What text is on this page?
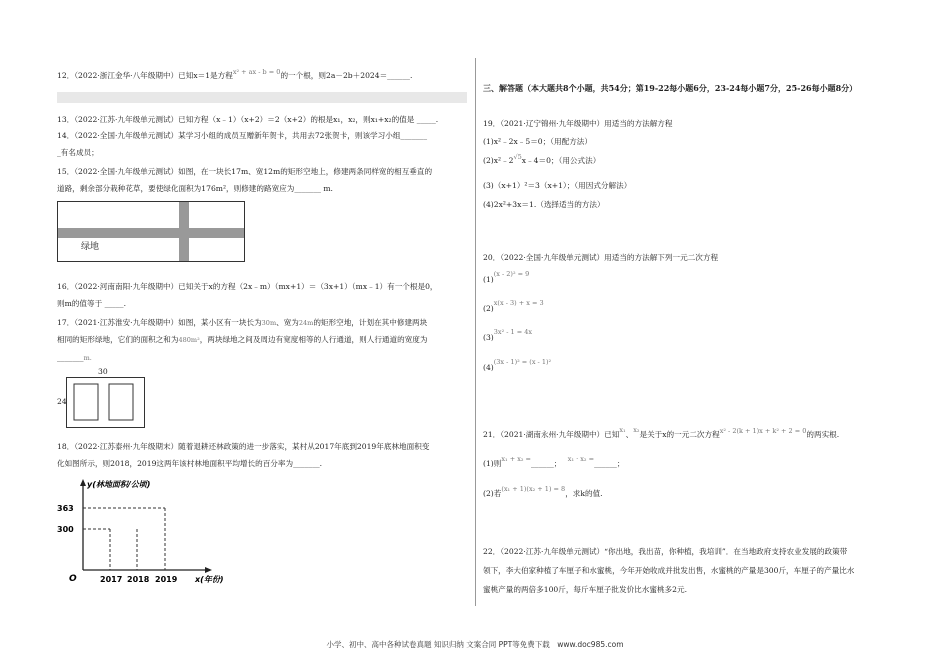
12．（2022·浙江金华·八年级期中）已知x＝1是方程x² + ax - b = 0的一个根，则2a－2b＋2024＝______.
13．（2022·江苏·九年级单元测试）已知方程（x﹣1）（x+2）＝2（x+2）的根是x₁，x₂，则x₁+x₂的值是 _____.
14．（2022·全国·九年级单元测试）某学习小组的成员互赠新年贺卡，共用去72张贺卡，则该学习小组_______
_有名成员；
15．（2022·全国·九年级单元测试）如图，在一块长17m、宽12m的矩形空地上，修建两条同样宽的相互垂直的
道路，剩余部分栽种花草，要使绿化面积为176m²，则修建的路宽应为_______ m.
绿地
16．（2022·河南南阳·九年级期中）已知关于x的方程（2x﹣m）（mx+1）＝（3x+1）（mx﹣1）有一个根是0，
则m的值等于 _____.
17．（2021·江苏淮安·九年级期中）如图，某小区有一块长为30m、宽为24m的矩形空地，计划在其中修建两块
相同的矩形绿地，它们的面积之和为480m²，两块绿地之间及周边有宽度相等的人行通道，则人行通道的宽度为
_______m.
30
24
18．（2022·江苏泰州·九年级期末）随着退耕还林政策的进一步落实，某村从2017年底到2019年底林地面积变
化如图所示，则2018，2019这两年该村林地面积平均增长的百分率为_______.
y(林地面积/公顷)
x(年份)
O
300
363
2017 2018 2019
三、解答题（本大题共8个小题，共54分；第19-22每小题6分，23-24每小题7分，25-26每小题8分）
19．（2021·辽宁锦州·九年级期中）用适当的方法解方程
(1)x²﹣2x﹣5＝0；（用配方法）
(2)x²﹣2√5x﹣4＝0；（用公式法）
(3)（x+1）²＝3（x+1）；（用因式分解法）
(4)2x²+3x＝1.（选择适当的方法）
20．（2022·全国·九年级单元测试）用适当的方法解下列一元二次方程
(1)(x - 2)² = 9
(2)x(x - 3) + x = 3
(3)3x² - 1 = 4x
(4)(3x - 1)² = (x - 1)²
21．（2021·湖南永州·九年级期中）已知x₁、x₂是关于x的一元二次方程x² - 2(k + 1)x + k² + 2 = 0的两实根.
(1)则x₁ + x₂ =______； x₁ · x₂ =______；
(2)若(x₁ + 1)(x₂ + 1) = 8，求k的值.
22．（2022·江苏·九年级单元测试）“你出地，我出苗，你种植，我培训”．在当地政府支持农业发展的政策带
领下，李大伯家种植了车厘子和水蜜桃，今年开始收成并批发出售，水蜜桃的产量是300斤，车厘子的产量比水
蜜桃产量的两倍多100斤，每斤车厘子批发价比水蜜桃多2元.
小学、初中、高中各种试卷真题 知识归纳 文案合同 PPT等免费下载　www.doc985.com
